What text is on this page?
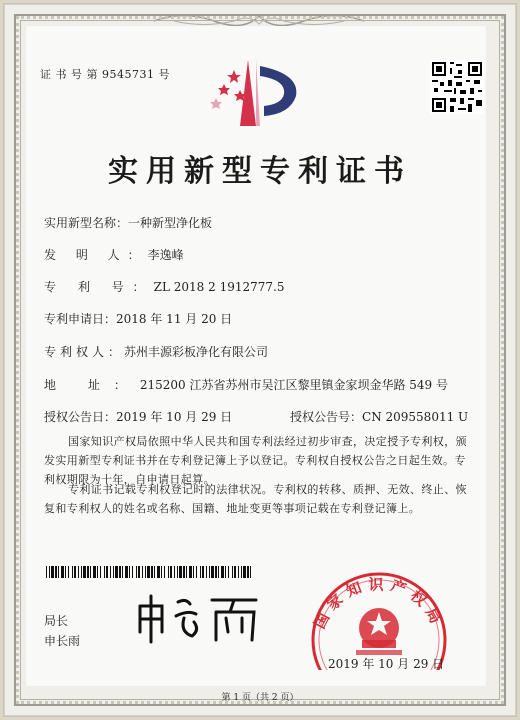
证 书 号 第 9545731 号
实用新型专利证书
实用新型名称：一种新型净化板
发 明 人：李逸峰
专 利 号：ZL 2018 2 1912777.5
专利申请日：2018 年 11 月 20 日
专利权人：苏州丰源彩板净化有限公司
地 址：215200 江苏省苏州市吴江区黎里镇金家坝金华路 549 号
授权公告日：2019 年 10 月 29 日	授权公告号：CN 209558011 U
国家知识产权局依照中华人民共和国专利法经过初步审查，决定授予专利权，颁发实用新型专利证书并在专利登记簿上予以登记。专利权自授权公告之日起生效。专利权期限为十年，自申请日起算。
专利证书记载专利权登记时的法律状况。专利权的转移、质押、无效、终止、恢复和专利权人的姓名或名称、国籍、地址变更等事项记载在专利登记簿上。
局长
申长雨
国家知识产权局
2019 年 10 月 29 日
第 1 页（共 2 页）
